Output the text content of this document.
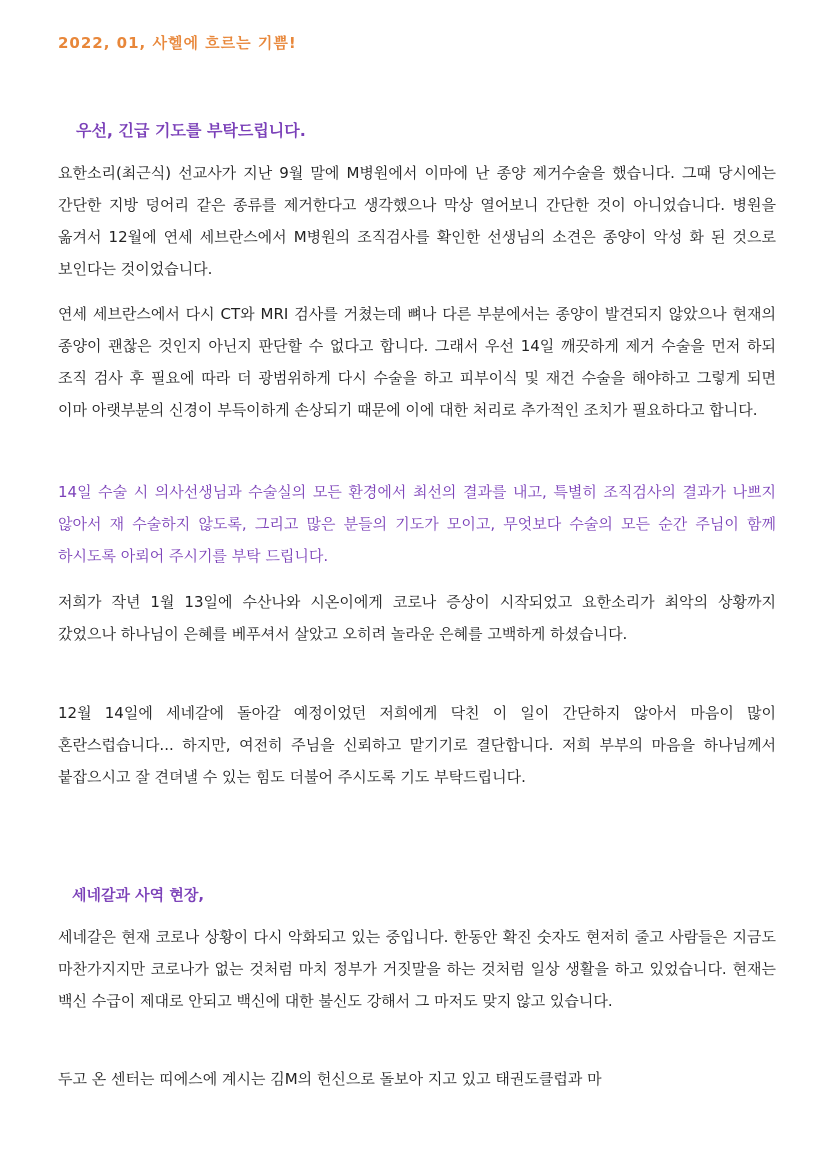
2022, 01, 사헬에 흐르는 기쁨!
우선, 긴급 기도를 부탁드립니다.

요한소리(최근식) 선교사가 지난 9월 말에 M병원에서 이마에 난 종양 제거수술을 했습니다. 그때 당시에는 간단한 지방 덩어리 같은 종류를 제거한다고 생각했으나 막상 열어보니 간단한 것이 아니었습니다. 병원을 옮겨서 12월에 연세 세브란스에서 M병원의 조직검사를 확인한 선생님의 소견은 종양이 악성 화 된 것으로 보인다는 것이었습니다.

연세 세브란스에서 다시 CT와 MRI 검사를 거쳤는데 뼈나 다른 부분에서는 종양이 발견되지 않았으나 현재의 종양이 괜찮은 것인지 아닌지 판단할 수 없다고 합니다. 그래서 우선 14일 깨끗하게 제거 수술을 먼저 하되 조직 검사 후 필요에 따라 더 광범위하게 다시 수술을 하고 피부이식 및 재건 수술을 해야하고 그렇게 되면 이마 아랫부분의 신경이 부득이하게 손상되기 때문에 이에 대한 처리로 추가적인 조치가 필요하다고 합니다.

14일 수술 시 의사선생님과 수술실의 모든 환경에서 최선의 결과를 내고, 특별히 조직검사의 결과가 나쁘지 않아서 재 수술하지 않도록, 그리고 많은 분들의 기도가 모이고, 무엇보다 수술의 모든 순간 주님이 함께 하시도록 아뢰어 주시기를 부탁 드립니다.

저희가 작년 1월 13일에 수산나와 시온이에게 코로나 증상이 시작되었고 요한소리가 최악의 상황까지 갔었으나 하나님이 은혜를 베푸셔서 살았고 오히려 놀라운 은혜를 고백하게 하셨습니다.

12월 14일에 세네갈에 돌아갈 예정이었던 저희에게 닥친 이 일이 간단하지 않아서 마음이 많이 혼란스럽습니다... 하지만, 여전히 주님을 신뢰하고 맡기기로 결단합니다. 저희 부부의 마음을 하나님께서 붙잡으시고 잘 견뎌낼 수 있는 힘도 더불어 주시도록 기도 부탁드립니다.

세네갈과 사역 현장,

세네갈은 현재 코로나 상황이 다시 악화되고 있는 중입니다. 한동안 확진 숫자도 현저히 줄고 사람들은 지금도 마찬가지지만 코로나가 없는 것처럼 마치 정부가 거짓말을 하는 것처럼 일상 생활을 하고 있었습니다. 현재는 백신 수급이 제대로 안되고 백신에 대한 불신도 강해서 그 마저도 맞지 않고 있습니다.

두고 온 센터는 띠에스에 계시는 김M의 헌신으로 돌보아 지고 있고 태권도클럽과 마
